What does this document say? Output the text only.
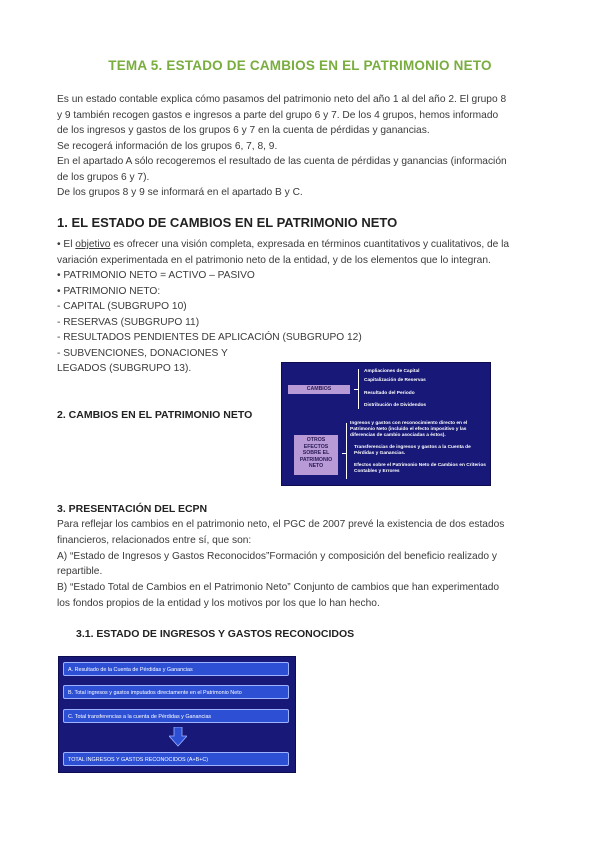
TEMA 5. ESTADO DE CAMBIOS EN EL PATRIMONIO NETO
Es un estado contable explica cómo pasamos del patrimonio neto del año 1 al del año 2. El grupo 8
y 9 también recogen gastos e ingresos a parte del grupo 6 y 7. De los 4 grupos, hemos informado
de los ingresos y gastos de los grupos 6 y 7 en la cuenta de pérdidas y ganancias.
Se recogerá información de los grupos 6, 7, 8, 9.
En el apartado A sólo recogeremos el resultado de las cuenta de pérdidas y ganancias (información
de los grupos 6 y 7).
De los grupos 8 y 9 se informará en el apartado B y C.
1. EL ESTADO DE CAMBIOS EN EL PATRIMONIO NETO
• El objetivo es ofrecer una visión completa, expresada en términos cuantitativos y cualitativos, de la
variación experimentada en el patrimonio neto de la entidad, y de los elementos que lo integran.
• PATRIMONIO NETO = ACTIVO – PASIVO
• PATRIMONIO NETO:
- CAPITAL (SUBGRUPO 10)
- RESERVAS (SUBGRUPO 11)
- RESULTADOS PENDIENTES DE APLICACIÓN (SUBGRUPO 12)
- SUBVENCIONES, DONACIONES Y
LEGADOS (SUBGRUPO 13).
2. CAMBIOS EN EL PATRIMONIO NETO
CAMBIOS
OTROS
EFECTOS
SOBRE EL
PATRIMONIO
NETO
Ampliaciones de Capital
Capitalización de Reservas
Resultado del Periodo
Distribución de Dividendos
Ingresos y gastos con reconocimiento directo en el Patrimonio Neto (incluido el efecto impositivo y las diferencias de cambio asociadas a éstos).
Transferencias de ingresos y gastos a la Cuenta de Pérdidas y Ganancias.
Efectos sobre el Patrimonio Neto de Cambios en Criterios Contables y Errores
3. PRESENTACIÓN DEL ECPN
Para reflejar los cambios en el patrimonio neto, el PGC de 2007 prevé la existencia de dos estados
financieros, relacionados entre sí, que son:
A) “Estado de Ingresos y Gastos Reconocidos”Formación y composición del beneficio realizado y
repartible.
B) “Estado Total de Cambios en el Patrimonio Neto” Conjunto de cambios que han experimentado
los fondos propios de la entidad y los motivos por los que lo han hecho.
3.1. ESTADO DE INGRESOS Y GASTOS RECONOCIDOS
A. Resultado de la Cuenta de Pérdidas y Ganancias
B. Total ingresos y gastos imputados directamente en el Patrimonio Neto
C. Total transferencias a la cuenta de Pérdidas y Ganancias
TOTAL INGRESOS Y GASTOS RECONOCIDOS (A+B+C)
